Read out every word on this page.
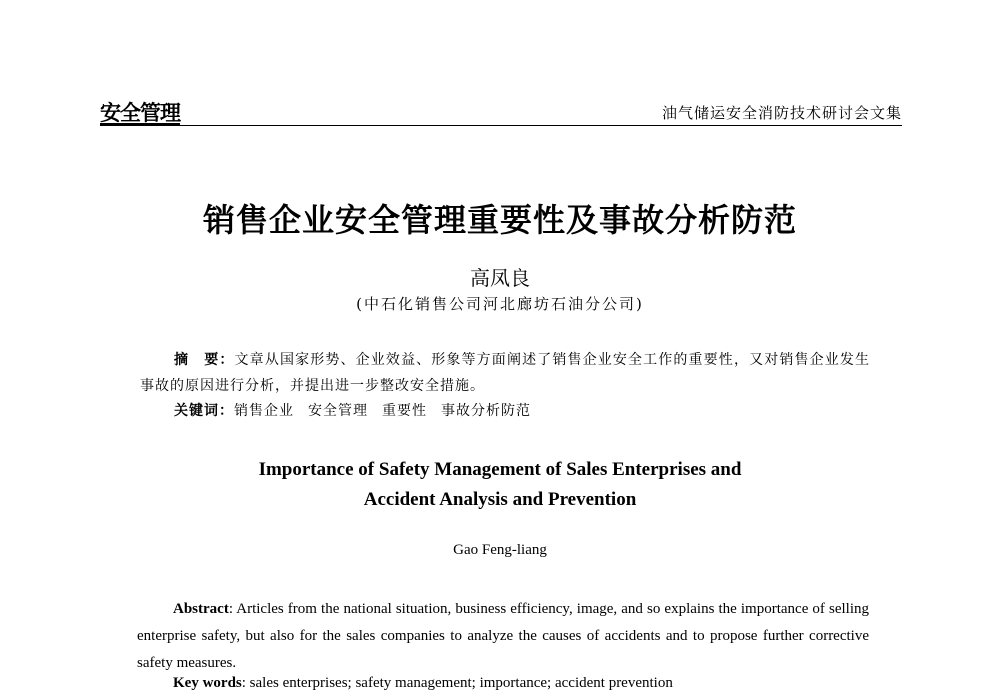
安全管理	油气储运安全消防技术研讨会文集
销售企业安全管理重要性及事故分析防范
高凤良
(中石化销售公司河北廊坊石油分公司)
摘　要：文章从国家形势、企业效益、形象等方面阐述了销售企业安全工作的重要性，又对销售企业发生事故的原因进行分析，并提出进一步整改安全措施。
关键词：销售企业 安全管理 重要性 事故分析防范
Importance of Safety Management of Sales Enterprises and
Accident Analysis and Prevention
Gao Feng-liang
Abstract: Articles from the national situation, business efficiency, image, and so explains the importance of selling enterprise safety, but also for the sales companies to analyze the causes of accidents and to propose further corrective safety measures.
Key words: sales enterprises; safety management; importance; accident prevention
